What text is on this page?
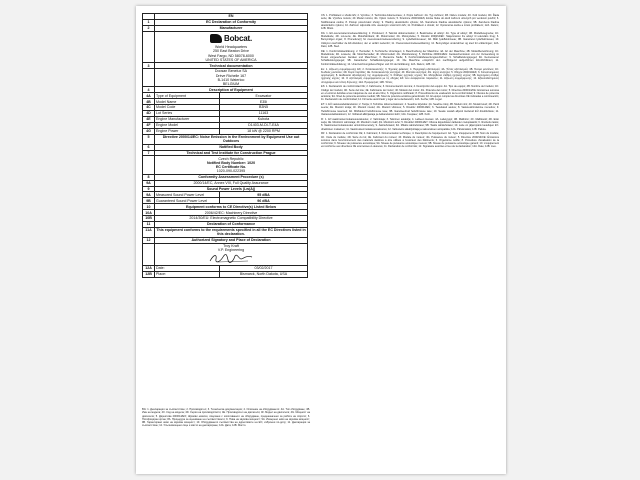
	EN	
1	EC Declaration of Conformity	
2	Manufacturer	

	Bobcat.
World Headquarters
250 East Beaton Drive
West Fargo, ND 58078-6000
UNITED STATES OF AMERICA	

3	Technical documentation	

	Doosan Benelux SA
Drève Richelle 167
B-1410 Waterloo
BELGIUM	

4	Description of Equipment	
4A	Type of Equipment	Excavator
4B	Model Name	E35i
4C	Model Code	B3N5
4D	Lot Series	11163
4E	Engine Manufacturer	Kubota
4F	Engine Model	D1403-M-DI-T-E4A
4G	Engine Power	18 kW @ 2200 RPM
5	Directive 2000/14/EC: Noise Emission in the Environment by Equipment Use out Outdoors	
6	Notified Body	
7	Technical and Test Institute for Construction Prague	

	Czech Republic
Notified Body Number: 1020
EC Certificate No.
1020-090-022395	

8	Conformity Assessment Procedure (s)	
9A	2000/14/EC, Annex VIII, Full Quality Assurance	
9	Sound Power Levels (Lw(A))	
9A	Measured Sound Power Level	95 dBA
9B	Guaranteed Sound Power Level	96 dBA
10	Equipment conforms to CE Directive(s) Listed Below	
10A	2006/42/EC: Machinery Directive	
10B	2014/30/EU: Electromagnetic Compatibility Directive	
11	Declaration of Conformance	
11A	This equipment conforms to the requirements specified in all the EC Directives listed in this declaration.	
12	Authorized Signatory and Place of Declaration	

	Troy Kraft
V.P. Engineering	

12A	Date:	03/02/2017
12B	Place:	Bismarck, North Dakota, USA

BG: 1. Декларация за съответствие; 2. Производител; 3. Техническа документация; 4. Описание на оборудването: 4A. Тип оборудване; 4B. Име на модела; 4C. Код на модела; 4D. Серия на производството; 4E. Производител на двигателя; 4F. Модел на двигателя; 4G. Мощност на двигателя; 5. Директива 2000/14/ЕО; Шумови емисии, свързани с използването на оборудване, предназначено за работа на открито; 6. Нотифициран орган; 8A. Процедура за оценяване на съответствието; 9. Нива на звукова мощност; 9A. Измерено ниво на звукова мощност; 9B. Гарантирано ниво на звукова мощност; 10. Оборудването съответства на директивите на ЕО, изброени по-долу; 11. Декларация за съответствие; 12. Упълномощено лице и място на деклариране; 12A. Дата; 12B. Място.

CS: 1. Prohlášení o shodě ES; 2. Výrobce; 3. Technická dokumentace; 4. Popis zařízení: 4A. Typ zařízení; 4B. Název modelu; 4C. Kód modelu; 4D. Řada série; 4E. Výrobce motoru; 4F. Model motoru; 4G. Výkon motoru; 5. Směrnice 2000/14/ES; Emise hluku do okolí zařízení určených pro venkovní použití; 6. Notifikovaná osoba; 8. Postup posuzování shody; 9. Hladiny akustického výkonu; 9A. Naměřená hladina akustického výkonu; 9B. Zaručená hladina akustického výkonu; 10. Zařízení odpovídá níže uvedeným směrnicím ES; 11. Prohlášení o shodě; 12. Oprávněná osoba a místo prohlášení; 12A. Datum; 12B. Místo.

DA: 1. EU-overensstemmelseserklæring; 2. Producent; 3. Teknisk dokumentation; 4. Beskrivelse af udstyr: 4A. Type af udstyr; 4B. Modelbetegnelse; 4C. Modelkode; 4D. Lot-serie; 4E. Motorfabrikant; 4F. Motormodel; 4G. Motorydelse; 5. Direktiv 2000/14/EF: Støjemission fra udstyr til udendørs brug; 6. Bemyndiget organ; 8. Procedure(r) for overensstemmelsesvurdering; 9. Lydeffektniveauer; 9A. Målt lydeffektniveau; 9B. Garanteret lydeffektniveau; 10. Udstyret overholder de EF-direktiver, der er anført nedenfor; 11. Overensstemmelseserklæring; 12. Bemyndiget underskriver og sted for erklæringen; 12A. Dato; 12B. Sted.

DE: 1. Konformitätserklärung; 2. Hersteller; 3. Technische Unterlagen; 4. Beschreibung der Maschine: 4A. Art der Maschine; 4B. Modellbezeichnung; 4C. Modellcode; 4D. Losserie; 4E. Motorhersteller; 4F. Motormodell; 4G. Motorleistung; 5. Richtlinie 2000/14/EG: Geräuschemission von zur Verwendung im Freien vorgesehenen Geräten und Maschinen; 6. Benannte Stelle; 8. Konformitätsbewertungsverfahren; 9. Schallleistungspegel; 9A. Gemessener Schallleistungspegel; 9B. Garantierter Schallleistungspegel; 10. Die Maschine entspricht den nachfolgend aufgeführten EG-Richtlinien; 11. Konformitätserklärung; 12. Unterzeichnungsberechtigter und Ort der Erklärung; 12A. Datum; 12B. Ort.

EL: 1. Δήλωση συμμόρφωσης ΕΚ; 2. Κατασκευαστής; 3. Τεχνικός φάκελος; 4. Περιγραφή εξοπλισμού; 4A. Τύπος εξοπλισμού; 4B. Όνομα μοντέλου; 4C. Κωδικός μοντέλου; 4D. Σειρά παρτίδας; 4E. Κατασκευαστής κινητήρα; 4F. Μοντέλο κινητήρα; 4G. Ισχύς κινητήρα; 5. Οδηγία 2000/14/ΕΚ; 6. Κοινοποιημένος οργανισμός; 8. Διαδικασία αξιολόγησης της συμμόρφωσης; 9. Στάθμες ηχητικής ισχύος; 9A. Μετρηθείσα στάθμη ηχητικής ισχύος; 9B. Εγγυημένη στάθμη ηχητικής ισχύος; 10. Ο εξοπλισμός συμμορφώνεται με τις οδηγίες ΕΚ που αναφέρονται παρακάτω; 11. Δήλωση συμμόρφωσης; 12. Εξουσιοδοτημένος υπογράφων και τόπος δήλωσης; 12A. Ημερομηνία; 12B. Τόπος.

ES: 1. Declaración de conformidad CE; 2. Fabricante; 3. Documentación técnica; 4. Descripción del equipo: 4A. Tipo de equipo; 4B. Nombre del modelo; 4C. Código del modelo; 4D. Serie del lote; 4E. Fabricante del motor; 4F. Modelo del motor; 4G. Potencia del motor; 5. Directiva 2000/14/CE: Emisiones sonoras en el entorno debidas a las máquinas de uso al aire libre; 6. Organismo notificado; 8. Procedimiento de evaluación de la conformidad; 9. Niveles de potencia acústica; 9A. Nivel de potencia acústica medido; 9B. Nivel de potencia acústica garantizado; 10. El equipo cumple las directivas CE indicadas a continuación; 11. Declaración de conformidad; 12. Firmante autorizado y lugar de la declaración; 12A. Fecha; 12B. Lugar.

ET: 1. EÜ vastavusdeklaratsioon; 2. Tootja; 3. Tehniline dokumentatsioon; 4. Seadme kirjeldus: 4A. Seadme tüüp; 4B. Mudeli nimi; 4C. Mudeli kood; 4D. Partii seeria; 4E. Mootori tootja; 4F. Mootori mudel; 4G. Mootori võimsus; 5. Direktiiv 2000/14/EÜ; 6. Teavitatud asutus; 8. Vastavushindamise menetlus; 9. Helivõimsuse tasemed; 9A. Mõõdetud helivõimsuse tase; 9B. Garanteeritud helivõimsuse tase; 10. Seade vastab allpool loetletud EÜ direktiividele; 11. Vastavusdeklaratsioon; 12. Volitatud allkirjastaja ja deklaratsiooni koht; 12A. Kuupäev; 12B. Koht.

FI: 1. EY-vaatimustenmukaisuusvakuutus; 2. Valmistaja; 3. Tekninen asiakirja; 4. Laitteen kuvaus: 4A. Laitetyyppi; 4B. Mallinimi; 4C. Mallikoodi; 4D. Erän sarja; 4E. Moottorin valmistaja; 4F. Moottorin malli; 4G. Moottorin teho; 5. Direktiivi 2000/14/EY: Ulkona käytettävien laitteiden melupäästöt; 6. Ilmoitettu laitos; 8. Vaatimustenmukaisuuden arviointimenettely; 9. Äänitehotasot; 9A. Mitattu äänitehotaso; 9B. Taattu äänitehotaso; 10. Laite on jäljempänä lueteltujen EY-direktiivien mukainen; 11. Vaatimustenmukaisuusvakuutus; 12. Valtuutettu allekirjoittaja ja vakuutuksen antopaikka; 12A. Päivämäärä; 12B. Paikka.

FR: 1. Déclaration de conformité CE; 2. Fabricant; 3. Documentation technique; 4. Description de l'équipement: 4A. Type d'équipement; 4B. Nom du modèle; 4C. Code du modèle; 4D. Série du lot; 4E. Fabricant du moteur; 4F. Modèle du moteur; 4G. Puissance du moteur; 5. Directive 2000/14/CE: Émissions sonores dans l'environnement des matériels destinés à être utilisés à l'extérieur des bâtiments; 6. Organisme notifié; 8. Procédure d'évaluation de la conformité; 9. Niveaux de puissance acoustique; 9A. Niveau de puissance acoustique mesuré; 9B. Niveau de puissance acoustique garanti; 10. L'équipement est conforme aux directives CE énumérées ci-dessous; 11. Déclaration de conformité; 12. Signataire autorisé et lieu de la déclaration; 12A. Date; 12B. Lieu.
